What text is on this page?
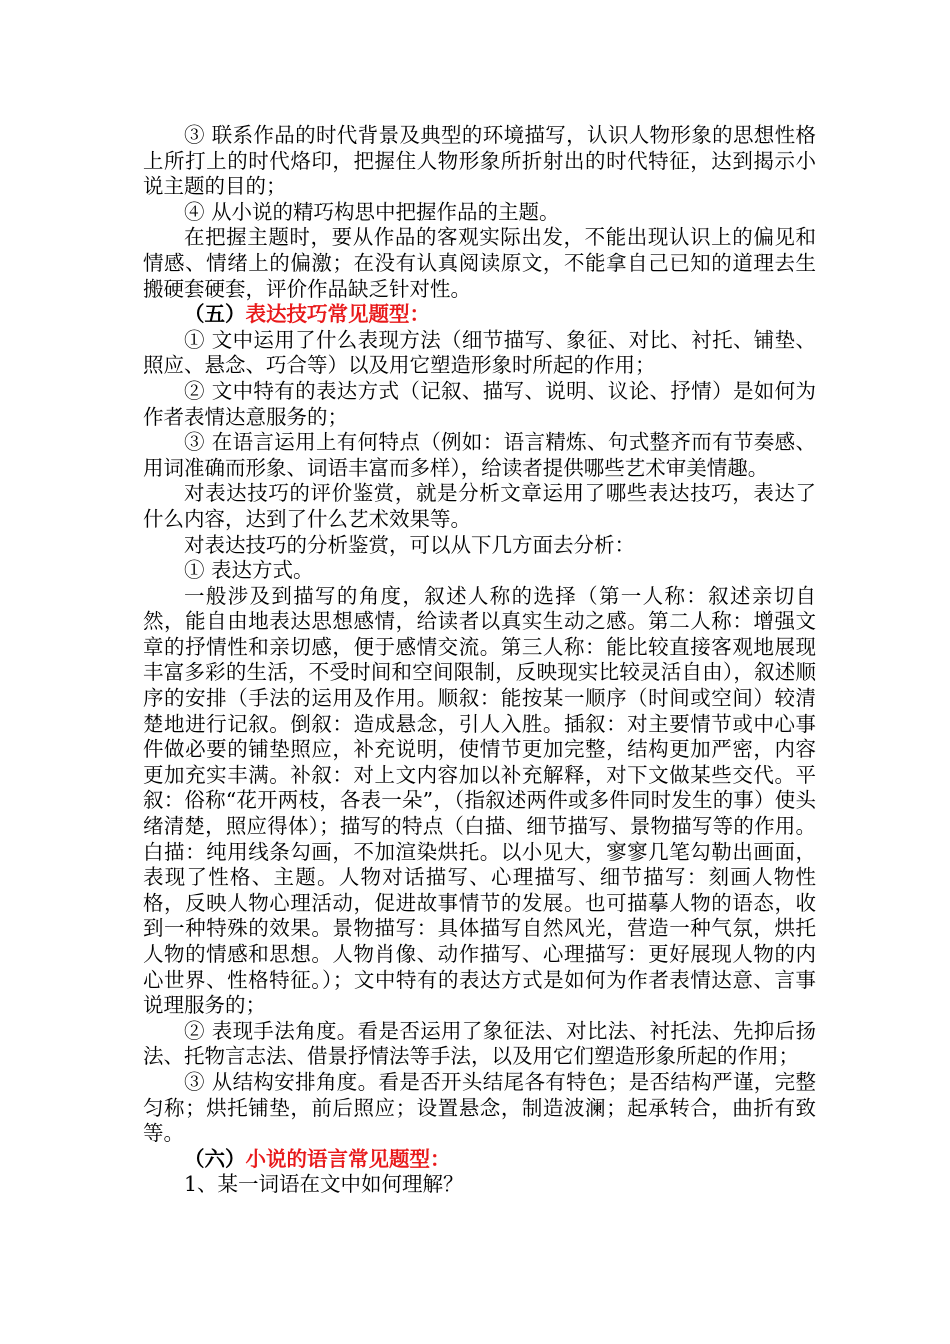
③ 联系作品的时代背景及典型的环境描写，认识人物形象的思想性格上所打上的时代烙印，把握住人物形象所折射出的时代特征，达到揭示小说主题的目的；

④ 从小说的精巧构思中把握作品的主题。

在把握主题时，要从作品的客观实际出发，不能出现认识上的偏见和情感、情绪上的偏激；在没有认真阅读原文，不能拿自己已知的道理去生搬硬套硬套，评价作品缺乏针对性。

（五）表达技巧常见题型：

① 文中运用了什么表现方法（细节描写、象征、对比、衬托、铺垫、照应、悬念、巧合等）以及用它塑造形象时所起的作用；

② 文中特有的表达方式（记叙、描写、说明、议论、抒情）是如何为作者表情达意服务的；

③ 在语言运用上有何特点（例如：语言精炼、句式整齐而有节奏感、用词准确而形象、词语丰富而多样），给读者提供哪些艺术审美情趣。

对表达技巧的评价鉴赏，就是分析文章运用了哪些表达技巧，表达了什么内容，达到了什么艺术效果等。

对表达技巧的分析鉴赏，可以从下几方面去分析：

① 表达方式。

一般涉及到描写的角度，叙述人称的选择（第一人称：叙述亲切自然，能自由地表达思想感情，给读者以真实生动之感。第二人称：增强文章的抒情性和亲切感，便于感情交流。第三人称：能比较直接客观地展现丰富多彩的生活，不受时间和空间限制，反映现实比较灵活自由），叙述顺序的安排（手法的运用及作用。顺叙：能按某一顺序（时间或空间）较清楚地进行记叙。倒叙：造成悬念，引人入胜。插叙：对主要情节或中心事件做必要的铺垫照应，补充说明，使情节更加完整，结构更加严密，内容更加充实丰满。补叙：对上文内容加以补充解释，对下文做某些交代。平叙：俗称“花开两枝，各表一朵”，（指叙述两件或多件同时发生的事）使头绪清楚，照应得体）；描写的特点（白描、细节描写、景物描写等的作用。白描：纯用线条勾画，不加渲染烘托。以小见大，寥寥几笔勾勒出画面，表现了性格、主题。人物对话描写、心理描写、细节描写：刻画人物性格，反映人物心理活动，促进故事情节的发展。也可描摹人物的语态，收到一种特殊的效果。景物描写：具体描写自然风光，营造一种气氛，烘托人物的情感和思想。人物肖像、动作描写、心理描写：更好展现人物的内心世界、性格特征。）；文中特有的表达方式是如何为作者表情达意、言事说理服务的；

② 表现手法角度。看是否运用了象征法、对比法、衬托法、先抑后扬法、托物言志法、借景抒情法等手法，以及用它们塑造形象所起的作用；

③ 从结构安排角度。看是否开头结尾各有特色；是否结构严谨，完整匀称；烘托铺垫，前后照应；设置悬念，制造波澜；起承转合，曲折有致等。

（六）小说的语言常见题型：

1、某一词语在文中如何理解？
